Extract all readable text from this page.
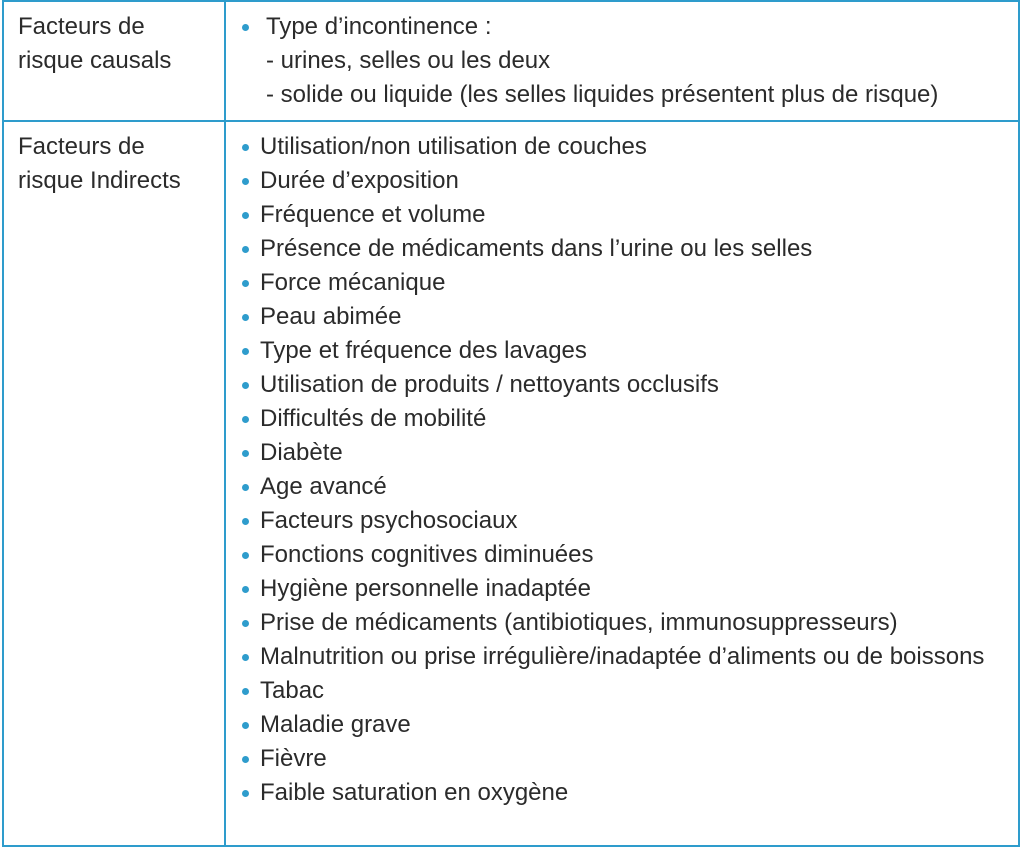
Facteurs de
risque causals
Type d’incontinence :
- urines, selles ou les deux
- solide ou liquide (les selles liquides présentent plus de risque)
Facteurs de
risque Indirects
Utilisation/non utilisation de couches
Durée d’exposition
Fréquence et volume
Présence de médicaments dans l’urine ou les selles
Force mécanique
Peau abimée
Type et fréquence des lavages
Utilisation de produits / nettoyants occlusifs
Difficultés de mobilité
Diabète
Age avancé
Facteurs psychosociaux
Fonctions cognitives diminuées
Hygiène personnelle inadaptée
Prise de médicaments (antibiotiques, immunosuppresseurs)
Malnutrition ou prise irrégulière/inadaptée d’aliments ou de boissons
Tabac
Maladie grave
Fièvre
Faible saturation en oxygène
